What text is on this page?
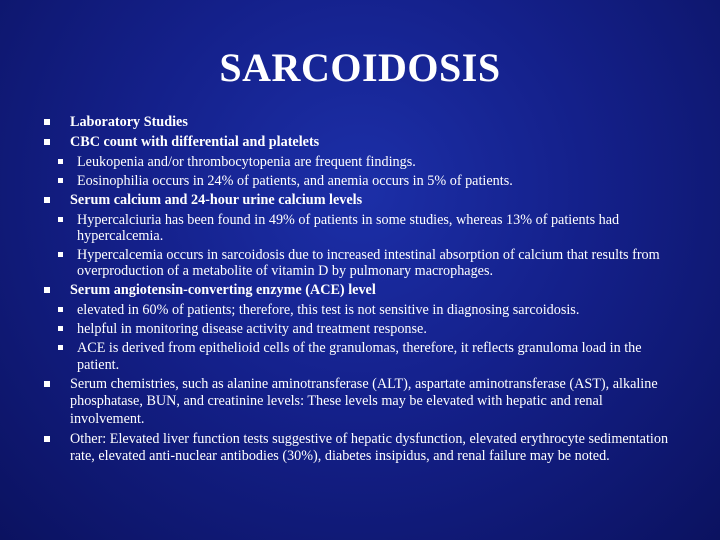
SARCOIDOSIS
Laboratory Studies
CBC count with differential and platelets
Leukopenia and/or thrombocytopenia are frequent findings.
Eosinophilia occurs in 24% of patients, and anemia occurs in 5% of patients.
Serum calcium and 24-hour urine calcium levels
Hypercalciuria has been found in 49% of patients in some studies, whereas 13% of patients had hypercalcemia.
Hypercalcemia occurs in sarcoidosis due to increased intestinal absorption of calcium that results from overproduction of a metabolite of vitamin D by pulmonary macrophages.
Serum angiotensin-converting enzyme (ACE) level
elevated in 60% of patients; therefore, this test is not sensitive in diagnosing sarcoidosis.
helpful in monitoring disease activity and treatment response.
ACE is derived from epithelioid cells of the granulomas, therefore, it reflects granuloma load in the patient.
Serum chemistries, such as alanine aminotransferase (ALT), aspartate aminotransferase (AST), alkaline phosphatase, BUN, and creatinine levels: These levels may be elevated with hepatic and renal involvement.
Other: Elevated liver function tests suggestive of hepatic dysfunction, elevated erythrocyte sedimentation rate, elevated anti-nuclear antibodies (30%), diabetes insipidus, and renal failure may be noted.
